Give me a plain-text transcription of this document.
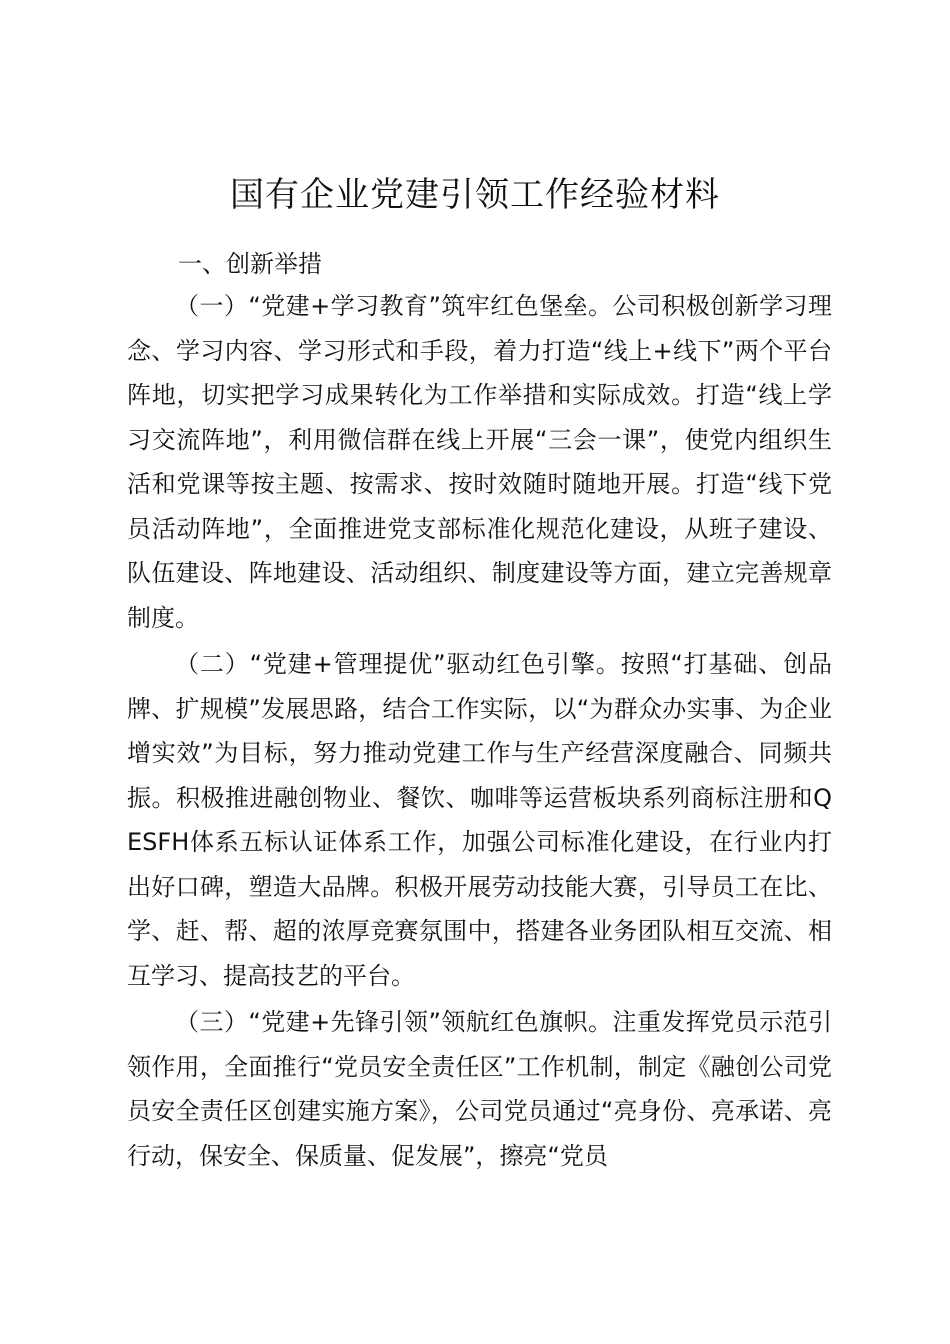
国有企业党建引领工作经验材料

一、创新举措

（一）“党建+学习教育”筑牢红色堡垒。公司积极创新学习理念、学习内容、学习形式和手段，着力打造“线上+线下”两个平台阵地，切实把学习成果转化为工作举措和实际成效。打造“线上学习交流阵地”，利用微信群在线上开展“三会一课”，使党内组织生活和党课等按主题、按需求、按时效随时随地开展。打造“线下党员活动阵地”，全面推进党支部标准化规范化建设，从班子建设、队伍建设、阵地建设、活动组织、制度建设等方面，建立完善规章制度。

（二）“党建+管理提优”驱动红色引擎。按照“打基础、创品牌、扩规模”发展思路，结合工作实际，以“为群众办实事、为企业增实效”为目标，努力推动党建工作与生产经营深度融合、同频共振。积极推进融创物业、餐饮、咖啡等运营板块系列商标注册和QESFH体系五标认证体系工作，加强公司标准化建设，在行业内打出好口碑，塑造大品牌。积极开展劳动技能大赛，引导员工在比、学、赶、帮、超的浓厚竞赛氛围中，搭建各业务团队相互交流、相互学习、提高技艺的平台。

（三）“党建+先锋引领”领航红色旗帜。注重发挥党员示范引领作用，全面推行“党员安全责任区”工作机制，制定《融创公司党员安全责任区创建实施方案》，公司党员通过“亮身份、亮承诺、亮行动，保安全、保质量、促发展”，擦亮“党员
